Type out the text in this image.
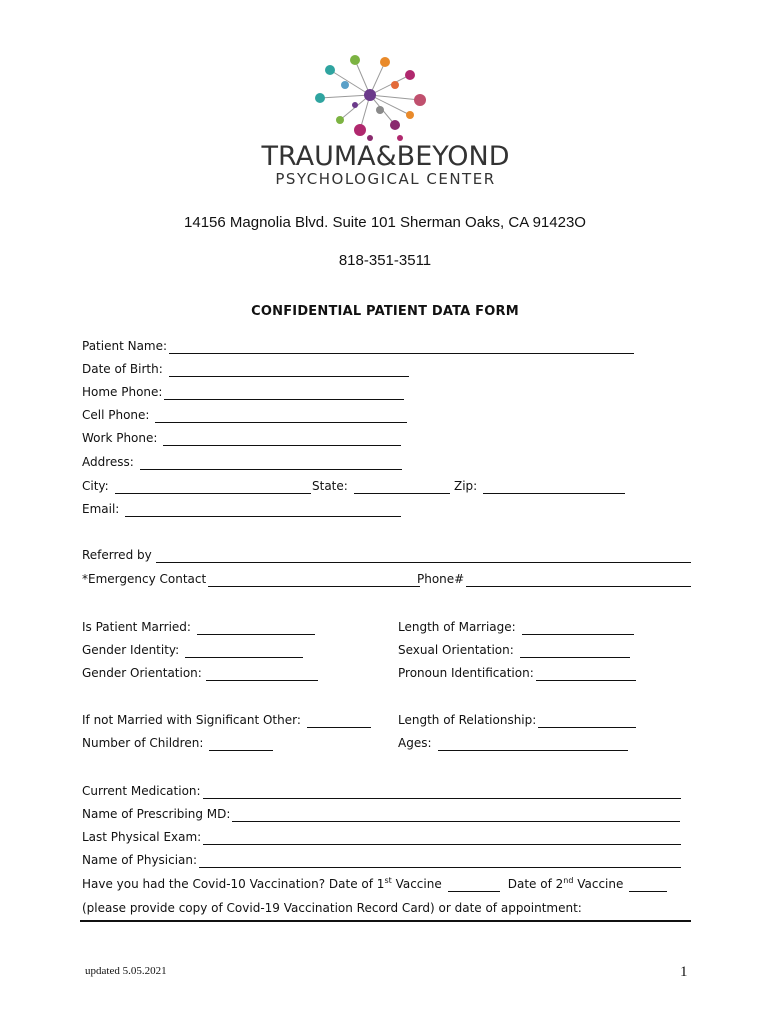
TRAUMA&BEYOND
PSYCHOLOGICAL CENTER
14156 Magnolia Blvd. Suite 101 Sherman Oaks, CA 91423O
818-351-3511
CONFIDENTIAL PATIENT DATA FORM
Patient Name:
Date of Birth:
Home Phone:
Cell Phone:
Work Phone:
Address:
City:	State:	Zip:
Email:
Referred by
*Emergency Contact	Phone#
Is Patient Married:	Length of Marriage:
Gender Identity:	Sexual Orientation:
Gender Orientation:	Pronoun Identification:
If not Married with Significant Other:	Length of Relationship:
Number of Children:	Ages:
Current Medication:
Name of Prescribing MD:
Last Physical Exam:
Name of Physician:
Have you had the Covid-10 Vaccination? Date of 1st Vaccine	Date of 2nd Vaccine
(please provide copy of Covid-19 Vaccination Record Card) or date of appointment:
updated 5.05.2021	1
